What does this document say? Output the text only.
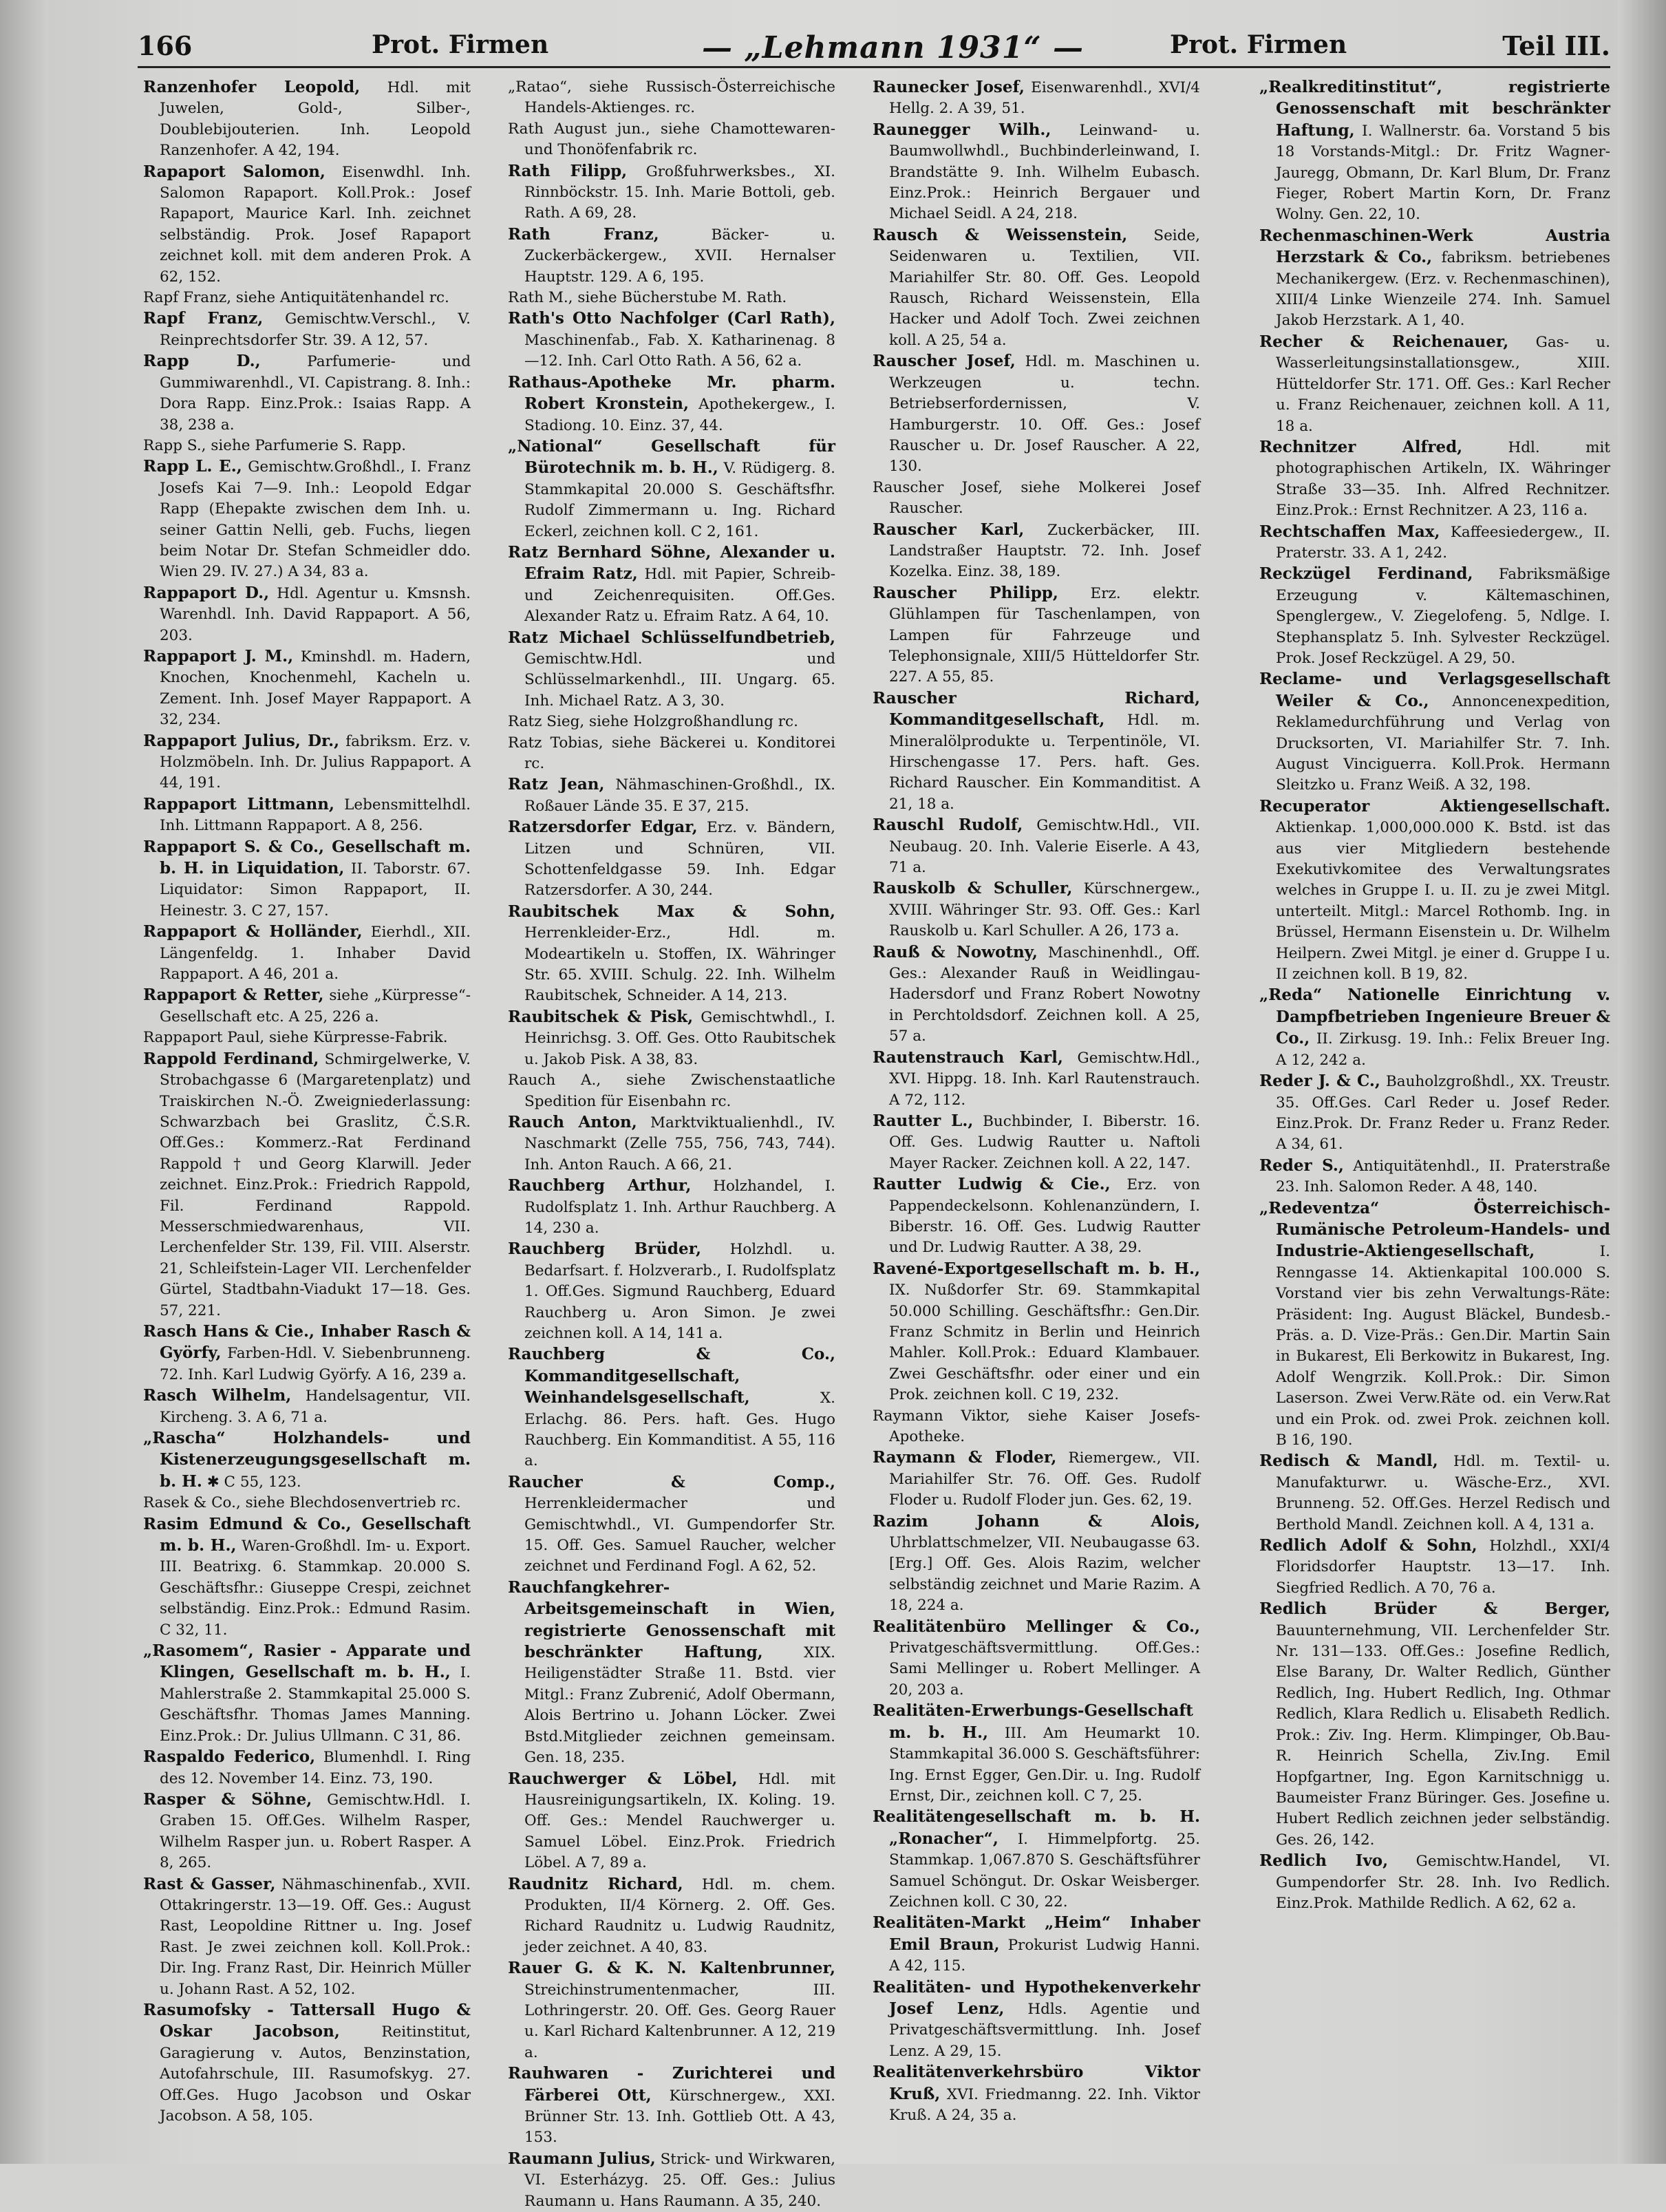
166	Prot. Firmen	— „Lehmann 1931“ —	Prot. Firmen	Teil III.
Ranzenhofer Leopold, Hdl. mit Juwelen, Gold-, Silber-, Doublebijouterien. Inh. Leopold Ranzenhofer. A 42, 194.
Rapaport Salomon, Eisenwdhl. Inh. Salomon Rapaport. Koll.Prok.: Josef Rapaport, Maurice Karl. Inh. zeichnet selbständig. Prok. Josef Rapaport zeichnet koll. mit dem anderen Prok. A 62, 152.
Rapf Franz, siehe Antiquitätenhandel rc.
Rapf Franz, Gemischtw.Verschl., V. Reinprechtsdorfer Str. 39. A 12, 57.
Rapp D.,	Parfumerie- und Gummiwarenhdl., VI. Capistrang. 8. Inh.: Dora Rapp. Einz.Prok.: Isaias Rapp. A 38, 238 a.
Rapp S., siehe Parfumerie S. Rapp.
Rapp L. E., Gemischtw.Großhdl., I. Franz Josefs Kai 7—9. Inh.: Leopold Edgar Rapp (Ehepakte zwischen dem Inh. u. seiner Gattin Nelli, geb. Fuchs, liegen beim Notar Dr. Stefan Schmeidler ddo. Wien 29. IV. 27.) A 34, 83 a.
Rappaport D., Hdl. Agentur u. Kmsnsh. Warenhdl. Inh. David Rappaport. A 56, 203.
Rappaport J. M., Kminshdl. m. Hadern, Knochen, Knochenmehl, Kacheln u. Zement. Inh. Josef Mayer Rappaport. A 32, 234.
Rappaport Julius, Dr., fabriksm. Erz. v. Holzmöbeln. Inh. Dr. Julius Rappaport. A 44, 191.
Rappaport Littmann, Lebensmittelhdl. Inh. Littmann Rappaport. A 8, 256.
Rappaport S. & Co., Gesellschaft m. b. H. in Liquidation, II. Taborstr. 67. Liquidator: Simon Rappaport, II. Heinestr. 3. C 27, 157.
Rappaport & Holländer, Eierhdl., XII. Längenfeldg. 1. Inhaber David Rappaport. A 46, 201 a.
Rappaport & Retter, siehe „Kürpresse“-Gesellschaft etc. A 25, 226 a.
Rappaport Paul, siehe Kürpresse-Fabrik.
Rappold Ferdinand, Schmirgelwerke, V. Strobachgasse 6 (Margaretenplatz) und Traiskirchen N.-Ö. Zweigniederlassung: Schwarzbach bei Graslitz, Č.S.R. Off.Ges.: Kommerz.-Rat Ferdinand Rappold † und Georg Klarwill. Jeder zeichnet. Einz.Prok.: Friedrich Rappold, Fil. Ferdinand Rappold. Messerschmiedwarenhaus, VII. Lerchenfelder Str. 139, Fil. VIII. Alserstr. 21, Schleifstein-Lager VII. Lerchenfelder Gürtel, Stadtbahn-Viadukt 17—18. Ges. 57, 221.
Rasch Hans & Cie., Inhaber Rasch & Györfy, Farben-Hdl. V. Siebenbrunneng. 72. Inh. Karl Ludwig Györfy. A 16, 239 a.
Rasch Wilhelm, Handelsagentur, VII. Kircheng. 3. A 6, 71 a.
„Rascha“ Holzhandels- und Kistenerzeugungsgesellschaft m. b. H. ✱ C 55, 123.
Rasek & Co., siehe Blechdosenvertrieb rc.
Rasim Edmund & Co., Gesellschaft m. b. H., Waren-Großhdl. Im- u. Export. III. Beatrixg. 6. Stammkap. 20.000 S. Geschäftsfhr.: Giuseppe Crespi, zeichnet selbständig. Einz.Prok.: Edmund Rasim. C 32, 11.
„Rasomem“, Rasier - Apparate und Klingen, Gesellschaft m. b. H., I. Mahlerstraße 2. Stammkapital 25.000 S. Geschäftsfhr. Thomas James Manning. Einz.Prok.: Dr. Julius Ullmann. C 31, 86.
Raspaldo Federico, Blumenhdl. I. Ring des 12. November 14. Einz. 73, 190.
Rasper & Söhne, Gemischtw.Hdl. I. Graben 15. Off.Ges. Wilhelm Rasper, Wilhelm Rasper jun. u. Robert Rasper. A 8, 265.
Rast & Gasser, Nähmaschinenfab., XVII. Ottakringerstr. 13—19. Off. Ges.: August Rast, Leopoldine Rittner u. Ing. Josef Rast. Je zwei zeichnen koll. Koll.Prok.: Dir. Ing. Franz Rast, Dir. Heinrich Müller u. Johann Rast. A 52, 102.
Rasumofsky - Tattersall Hugo & Oskar Jacobson,	Reitinstitut, Garagierung v. Autos, Benzinstation, Autofahrschule, III. Rasumofskyg. 27. Off.Ges. Hugo Jacobson und Oskar Jacobson. A 58, 105.
„Ratao“, siehe Russisch-Österreichische Handels-Aktienges. rc.
Rath August jun., siehe Chamottewaren- und Thonöfenfabrik rc.
Rath Filipp, Großfuhrwerksbes., XI. Rinnböckstr. 15. Inh. Marie Bottoli, geb. Rath. A 69, 28.
Rath Franz,	Bäcker- u. Zuckerbäckergew., XVII. Hernalser Hauptstr. 129. A 6, 195.
Rath M., siehe Bücherstube M. Rath.
Rath's Otto Nachfolger (Carl Rath), Maschinenfab., Fab. X. Katharinenag. 8—12. Inh. Carl Otto Rath. A 56, 62 a.
Rathaus-Apotheke Mr. pharm. Robert Kronstein, Apothekergew., I. Stadiong. 10. Einz. 37, 44.
„National“ Gesellschaft für Bürotechnik m. b. H., V. Rüdigerg. 8. Stammkapital 20.000 S. Geschäftsfhr. Rudolf Zimmermann u. Ing. Richard Eckerl, zeichnen koll. C 2, 161.
Ratz Bernhard Söhne, Alexander u. Efraim Ratz, Hdl. mit Papier, Schreib- und Zeichenrequisiten. Off.Ges. Alexander Ratz u. Efraim Ratz. A 64, 10.
Ratz Michael Schlüsselfundbetrieb, Gemischtw.Hdl. und Schlüsselmarkenhdl., III. Ungarg. 65. Inh. Michael Ratz. A 3, 30.
Ratz Sieg, siehe Holzgroßhandlung rc.
Ratz Tobias, siehe Bäckerei u. Konditorei rc.
Ratz Jean, Nähmaschinen-Großhdl., IX. Roßauer Lände 35. E 37, 215.
Ratzersdorfer Edgar, Erz. v. Bändern, Litzen und Schnüren, VII. Schottenfeldgasse 59. Inh. Edgar Ratzersdorfer. A 30, 244.
Raubitschek Max & Sohn, Herrenkleider-Erz., Hdl. m. Modeartikeln u. Stoffen, IX. Währinger Str. 65. XVIII. Schulg. 22. Inh. Wilhelm Raubitschek, Schneider. A 14, 213.
Raubitschek & Pisk, Gemischtwhdl., I. Heinrichsg. 3. Off. Ges. Otto Raubitschek u. Jakob Pisk. A 38, 83.
Rauch A., siehe Zwischenstaatliche Spedition für Eisenbahn rc.
Rauch Anton, Marktviktualienhdl., IV. Naschmarkt (Zelle 755, 756, 743, 744). Inh. Anton Rauch. A 66, 21.
Rauchberg Arthur, Holzhandel, I. Rudolfsplatz 1. Inh. Arthur Rauchberg. A 14, 230 a.
Rauchberg Brüder, Holzhdl. u. Bedarfsart. f. Holzverarb., I. Rudolfsplatz 1. Off.Ges. Sigmund Rauchberg, Eduard Rauchberg u. Aron Simon. Je zwei zeichnen koll. A 14, 141 a.
Rauchberg & Co., Kommanditgesellschaft, Weinhandelsgesellschaft,	X. Erlachg. 86. Pers. haft. Ges. Hugo Rauchberg. Ein Kommanditist. A 55, 116 a.
Raucher & Comp., Herrenkleidermacher und Gemischtwhdl., VI. Gumpendorfer Str. 15. Off. Ges. Samuel Raucher, welcher zeichnet und Ferdinand Fogl. A 62, 52.
Rauchfangkehrer-Arbeitsgemeinschaft in Wien, registrierte Genossenschaft mit beschränkter Haftung,	XIX. Heiligenstädter Straße 11. Bstd. vier Mitgl.: Franz Zubrenić, Adolf Obermann, Alois Bertrino u. Johann Löcker. Zwei Bstd.Mitglieder zeichnen gemeinsam. Gen. 18, 235.
Rauchwerger & Löbel, Hdl. mit Hausreinigungsartikeln, IX. Koling. 19. Off. Ges.: Mendel Rauchwerger u. Samuel Löbel. Einz.Prok. Friedrich Löbel. A 7, 89 a.
Raudnitz Richard, Hdl. m. chem. Produkten, II/4 Körnerg. 2. Off. Ges. Richard Raudnitz u. Ludwig Raudnitz, jeder zeichnet. A 40, 83.
Rauer G. & K. N. Kaltenbrunner, Streichinstrumentenmacher, III. Lothringerstr. 20. Off. Ges. Georg Rauer u. Karl Richard Kaltenbrunner. A 12, 219 a.
Rauhwaren - Zurichterei und Färberei Ott, Kürschnergew., XXI. Brünner Str. 13. Inh. Gottlieb Ott. A 43, 153.
Raumann Julius, Strick- und Wirkwaren, VI. Esterházyg. 25. Off. Ges.: Julius Raumann u. Hans Raumann. A 35, 240.
Raunecker Josef, Eisenwarenhdl., XVI/4 Hellg. 2. A 39, 51.
Raunegger Wilh., Leinwand- u. Baumwollwhdl., Buchbinderleinwand, I. Brandstätte 9. Inh. Wilhelm Eubasch. Einz.Prok.: Heinrich Bergauer und Michael Seidl. A 24, 218.
Rausch & Weissenstein, Seide, Seidenwaren u. Textilien, VII. Mariahilfer Str. 80. Off. Ges. Leopold Rausch, Richard Weissenstein, Ella Hacker und Adolf Toch. Zwei zeichnen koll. A 25, 54 a.
Rauscher Josef, Hdl. m. Maschinen u. Werkzeugen u. techn. Betriebserfordernissen, V. Hamburgerstr. 10. Off. Ges.: Josef Rauscher u. Dr. Josef Rauscher. A 22, 130.
Rauscher Josef, siehe Molkerei Josef Rauscher.
Rauscher Karl, Zuckerbäcker, III. Landstraßer Hauptstr. 72. Inh. Josef Kozelka. Einz. 38, 189.
Rauscher Philipp, Erz. elektr. Glühlampen für Taschenlampen, von Lampen für Fahrzeuge und Telephonsignale, XIII/5 Hütteldorfer Str. 227. A 55, 85.
Rauscher Richard, Kommanditgesellschaft, Hdl. m. Mineralölprodukte u. Terpentinöle, VI. Hirschengasse 17. Pers. haft. Ges. Richard Rauscher. Ein Kommanditist. A 21, 18 a.
Rauschl Rudolf, Gemischtw.Hdl., VII. Neubaug. 20. Inh. Valerie Eiserle. A 43, 71 a.
Rauskolb & Schuller, Kürschnergew., XVIII. Währinger Str. 93. Off. Ges.: Karl Rauskolb u. Karl Schuller. A 26, 173 a.
Rauß & Nowotny, Maschinenhdl., Off. Ges.: Alexander Rauß in Weidlingau-Hadersdorf und Franz Robert Nowotny in Perchtoldsdorf. Zeichnen koll. A 25, 57 a.
Rautenstrauch Karl, Gemischtw.Hdl., XVI. Hippg. 18. Inh. Karl Rautenstrauch. A 72, 112.
Rautter L., Buchbinder, I. Biberstr. 16. Off. Ges. Ludwig Rautter u. Naftoli Mayer Racker. Zeichnen koll. A 22, 147.
Rautter Ludwig & Cie., Erz. von Pappendeckelsonn. Kohlenanzündern, I. Biberstr. 16. Off. Ges. Ludwig Rautter und Dr. Ludwig Rautter. A 38, 29.
Ravené-Exportgesellschaft m. b. H., IX. Nußdorfer Str. 69. Stammkapital 50.000 Schilling. Geschäftsfhr.: Gen.Dir. Franz Schmitz in Berlin und Heinrich Mahler. Koll.Prok.: Eduard Klambauer. Zwei Geschäftsfhr. oder einer und ein Prok. zeichnen koll. C 19, 232.
Raymann Viktor, siehe Kaiser Josefs-Apotheke.
Raymann & Floder, Riemergew., VII. Mariahilfer Str. 76. Off. Ges. Rudolf Floder u. Rudolf Floder jun. Ges. 62, 19.
Razim Johann & Alois, Uhrblattschmelzer, VII. Neubaugasse 63. [Erg.] Off. Ges. Alois Razim, welcher selbständig zeichnet und Marie Razim. A 18, 224 a.
Realitätenbüro Mellinger & Co., Privatgeschäftsvermittlung. Off.Ges.: Sami Mellinger u. Robert Mellinger. A 20, 203 a.
Realitäten-Erwerbungs-Gesellschaft m. b. H., III. Am Heumarkt 10. Stammkapital 36.000 S. Geschäftsführer: Ing. Ernst Egger, Gen.Dir. u. Ing. Rudolf Ernst, Dir., zeichnen koll. C 7, 25.
Realitätengesellschaft m. b. H. „Ronacher“, I. Himmelpfortg. 25. Stammkap. 1,067.870 S. Geschäftsführer Samuel Schöngut. Dr. Oskar Weisberger. Zeichnen koll. C 30, 22.
Realitäten-Markt „Heim“ Inhaber Emil Braun, Prokurist Ludwig Hanni. A 42, 115.
Realitäten- und Hypothekenverkehr Josef Lenz, Hdls. Agentie und Privatgeschäftsvermittlung. Inh. Josef Lenz. A 29, 15.
Realitätenverkehrsbüro Viktor Kruß, XVI. Friedmanng. 22. Inh. Viktor Kruß. A 24, 35 a.
„Realkreditinstitut“, registrierte Genossenschaft mit beschränkter Haftung, I. Wallnerstr. 6a. Vorstand 5 bis 18 Vorstands-Mitgl.: Dr. Fritz Wagner-Jauregg, Obmann, Dr. Karl Blum, Dr. Franz Fieger, Robert Martin Korn, Dr. Franz Wolny. Gen. 22, 10.
Rechenmaschinen-Werk Austria Herzstark & Co., fabriksm. betriebenes Mechanikergew. (Erz. v. Rechenmaschinen), XIII/4 Linke Wienzeile 274. Inh. Samuel Jakob Herzstark. A 1, 40.
Recher & Reichenauer, Gas- u. Wasserleitungsinstallationsgew., XIII. Hütteldorfer Str. 171. Off. Ges.: Karl Recher u. Franz Reichenauer, zeichnen koll. A 11, 18 a.
Rechnitzer Alfred,	Hdl. mit photographischen Artikeln, IX. Währinger Straße 33—35. Inh. Alfred Rechnitzer. Einz.Prok.: Ernst Rechnitzer. A 23, 116 a.
Rechtschaffen Max, Kaffeesiedergew., II. Praterstr. 33. A 1, 242.
Reckzügel Ferdinand, Fabriksmäßige Erzeugung v. Kältemaschinen, Spenglergew., V. Ziegelofeng. 5, Ndlge. I. Stephansplatz 5. Inh. Sylvester Reckzügel. Prok. Josef Reckzügel. A 29, 50.
Reclame- und Verlagsgesellschaft Weiler & Co., Annoncenexpedition, Reklamedurchführung und Verlag von Drucksorten, VI. Mariahilfer Str. 7. Inh. August Vinciguerra. Koll.Prok. Hermann Sleitzko u. Franz Weiß. A 32, 198.
Recuperator Aktiengesellschaft. Aktienkap. 1,000,000.000 K. Bstd. ist das aus vier Mitgliedern bestehende Exekutivkomitee des Verwaltungsrates welches in Gruppe I. u. II. zu je zwei Mitgl. unterteilt. Mitgl.: Marcel Rothomb. Ing. in Brüssel, Hermann Eisenstein u. Dr. Wilhelm Heilpern. Zwei Mitgl. je einer d. Gruppe I u. II zeichnen koll. B 19, 82.
„Reda“ Nationelle Einrichtung v. Dampfbetrieben Ingenieure Breuer & Co., II. Zirkusg. 19. Inh.: Felix Breuer Ing. A 12, 242 a.
Reder J. & C., Bauholzgroßhdl., XX. Treustr. 35. Off.Ges. Carl Reder u. Josef Reder. Einz.Prok. Dr. Franz Reder u. Franz Reder. A 34, 61.
Reder S., Antiquitätenhdl., II. Praterstraße 23. Inh. Salomon Reder. A 48, 140.
„Redeventza“ Österreichisch-Rumänische Petroleum-Handels- und Industrie-Aktiengesellschaft,	I. Renngasse 14. Aktienkapital 100.000 S. Vorstand vier bis zehn Verwaltungs-Räte: Präsident: Ing. August Bläckel, Bundesb.-Präs. a. D. Vize-Präs.: Gen.Dir. Martin Sain in Bukarest, Eli Berkowitz in Bukarest, Ing. Adolf Wengrzik. Koll.Prok.: Dir. Simon Laserson. Zwei Verw.Räte od. ein Verw.Rat und ein Prok. od. zwei Prok. zeichnen koll. B 16, 190.
Redisch & Mandl, Hdl. m. Textil- u. Manufakturwr. u. Wäsche-Erz., XVI. Brunneng. 52. Off.Ges. Herzel Redisch und Berthold Mandl. Zeichnen koll. A 4, 131 a.
Redlich Adolf & Sohn, Holzhdl., XXI/4 Floridsdorfer Hauptstr. 13—17. Inh. Siegfried Redlich. A 70, 76 a.
Redlich Brüder & Berger, Bauunternehmung, VII. Lerchenfelder Str. Nr. 131—133. Off.Ges.: Josefine Redlich, Else Barany, Dr. Walter Redlich, Günther Redlich, Ing. Hubert Redlich, Ing. Othmar Redlich, Klara Redlich u. Elisabeth Redlich. Prok.: Ziv. Ing. Herm. Klimpinger, Ob.Bau-R. Heinrich Schella, Ziv.Ing. Emil Hopfgartner, Ing. Egon Karnitschnigg u. Baumeister Franz Büringer. Ges. Josefine u. Hubert Redlich zeichnen jeder selbständig. Ges. 26, 142.
Redlich Ivo, Gemischtw.Handel, VI. Gumpendorfer Str. 28. Inh. Ivo Redlich. Einz.Prok. Mathilde Redlich. A 62, 62 a.
